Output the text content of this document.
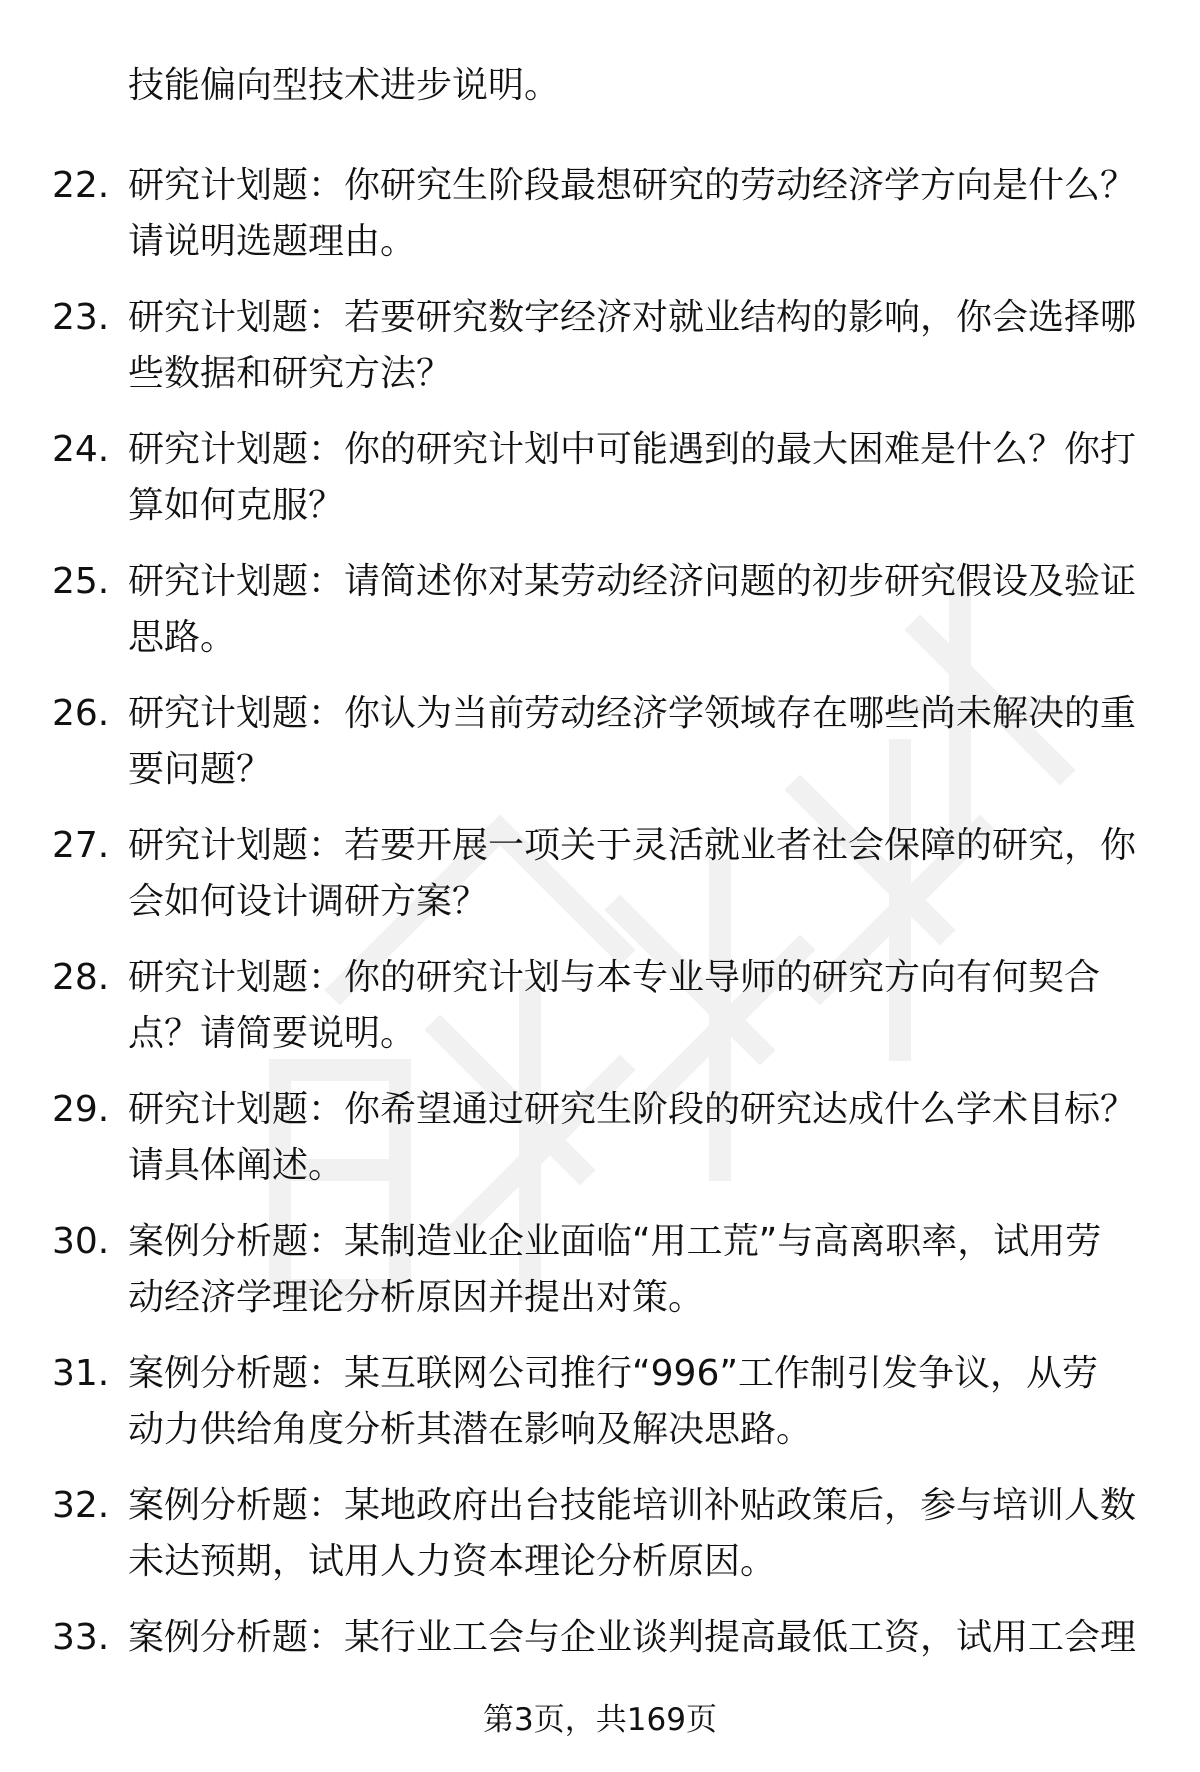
技能偏向型技术进步说明。
22. 研究计划题：你研究生阶段最想研究的劳动经济学方向是什么？
请说明选题理由。
23. 研究计划题：若要研究数字经济对就业结构的影响，你会选择哪
些数据和研究方法？
24. 研究计划题：你的研究计划中可能遇到的最大困难是什么？你打
算如何克服？
25. 研究计划题：请简述你对某劳动经济问题的初步研究假设及验证
思路。
26. 研究计划题：你认为当前劳动经济学领域存在哪些尚未解决的重
要问题？
27. 研究计划题：若要开展一项关于灵活就业者社会保障的研究，你
会如何设计调研方案？
28. 研究计划题：你的研究计划与本专业导师的研究方向有何契合
点？请简要说明。
29. 研究计划题：你希望通过研究生阶段的研究达成什么学术目标？
请具体阐述。
30. 案例分析题：某制造业企业面临“用工荒”与高离职率，试用劳
动经济学理论分析原因并提出对策。
31. 案例分析题：某互联网公司推行“996”工作制引发争议，从劳
动力供给角度分析其潜在影响及解决思路。
32. 案例分析题：某地政府出台技能培训补贴政策后，参与培训人数
未达预期，试用人力资本理论分析原因。
33. 案例分析题：某行业工会与企业谈判提高最低工资，试用工会理
第3页，共169页
